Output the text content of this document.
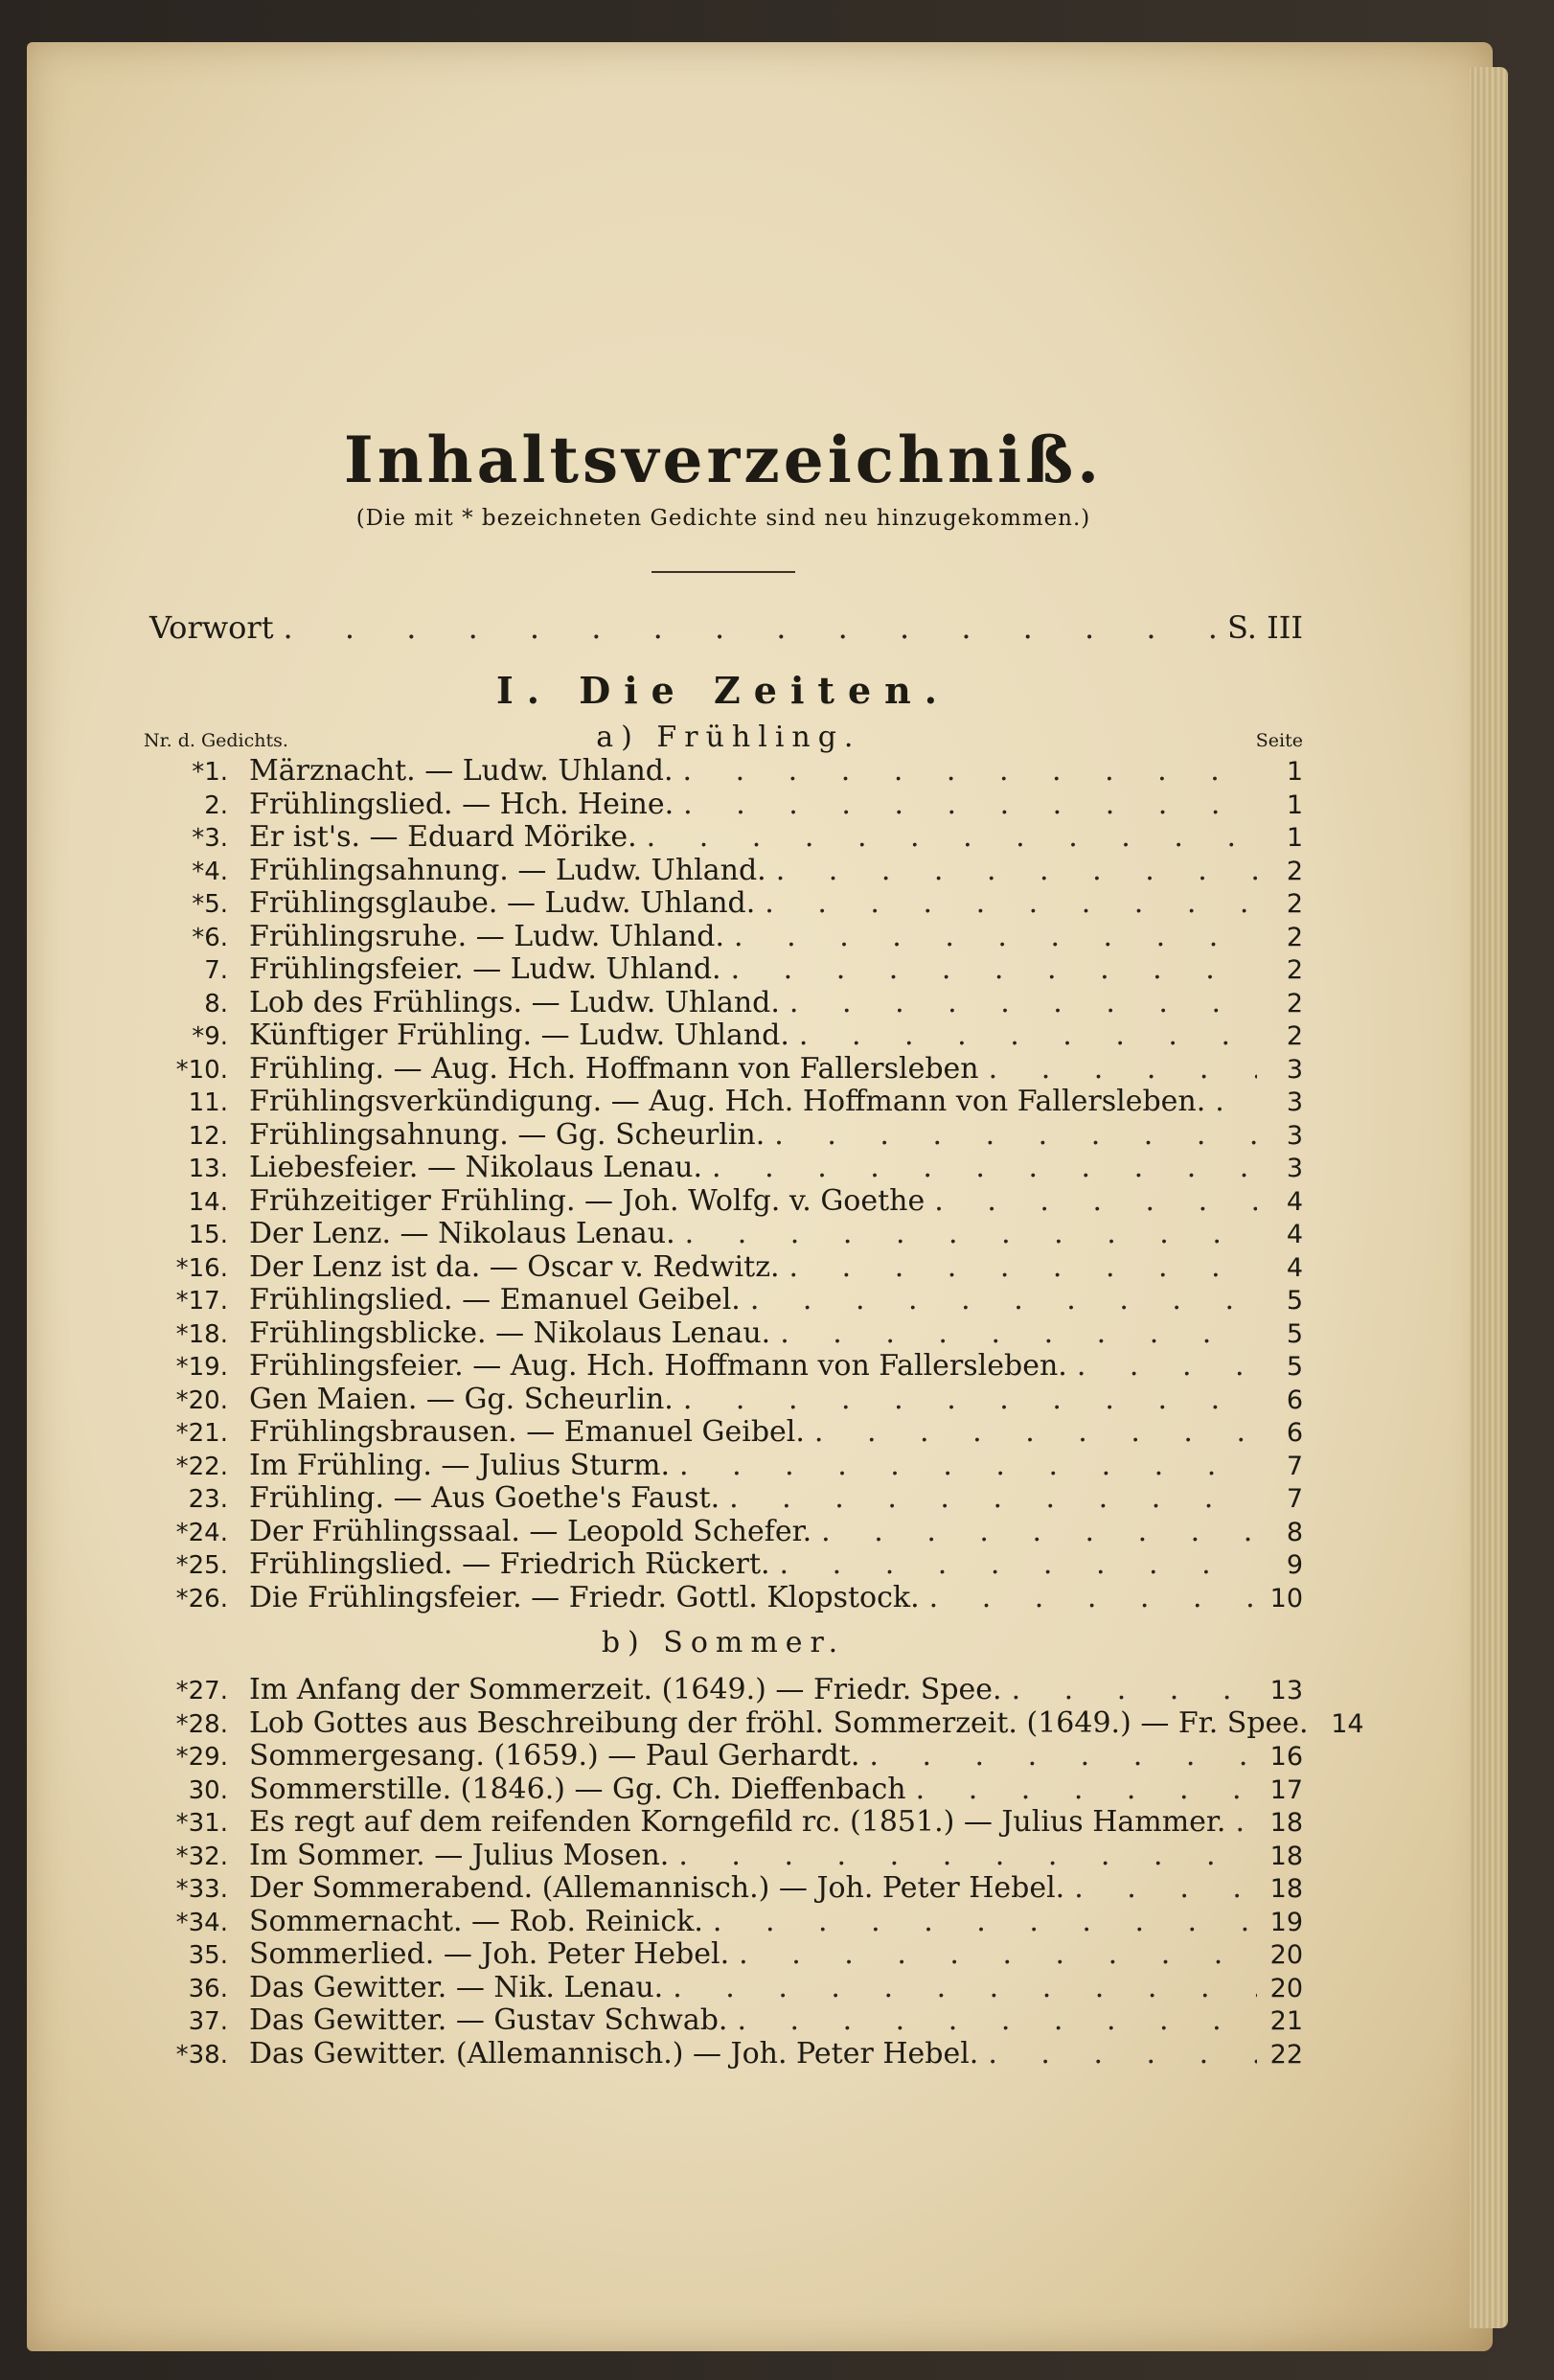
Inhaltsverzeichniß.
(Die mit * bezeichneten Gedichte sind neu hinzugekommen.)
Vorwort . . .	S. III
I. Die Zeiten.
Nr. d. Gedichts.	a) Frühling.	Seite
*1. Märznacht. — Ludw. Uhland. . . .	1
2. Frühlingslied. — Hch. Heine. . . .	1
*3. Er ist's. — Eduard Mörike. . . .	1
*4. Frühlingsahnung. — Ludw. Uhland. . . .	2
*5. Frühlingsglaube. — Ludw. Uhland. . . .	2
*6. Frühlingsruhe. — Ludw. Uhland. . . .	2
7. Frühlingsfeier. — Ludw. Uhland. . . .	2
8. Lob des Frühlings. — Ludw. Uhland. . . .	2
*9. Künftiger Frühling. — Ludw. Uhland. . . .	2
*10. Frühling. — Aug. Hch. Hoffmann von Fallersleben . . .	3
11. Frühlingsverkündigung. — Aug. Hch. Hoffmann von Fallersleben. . . .	3
12. Frühlingsahnung. — Gg. Scheurlin. . . .	3
13. Liebesfeier. — Nikolaus Lenau. . . .	3
14. Frühzeitiger Frühling. — Joh. Wolfg. v. Goethe . . .	4
15. Der Lenz. — Nikolaus Lenau. . . .	4
*16. Der Lenz ist da. — Oscar v. Redwitz. . . .	4
*17. Frühlingslied. — Emanuel Geibel. . . .	5
*18. Frühlingsblicke. — Nikolaus Lenau. . . .	5
*19. Frühlingsfeier. — Aug. Hch. Hoffmann von Fallersleben. . . .	5
*20. Gen Maien. — Gg. Scheurlin. . . .	6
*21. Frühlingsbrausen. — Emanuel Geibel. . . .	6
*22. Im Frühling. — Julius Sturm. . . .	7
23. Frühling. — Aus Goethe's Faust. . . .	7
*24. Der Frühlingssaal. — Leopold Schefer. . . .	8
*25. Frühlingslied. — Friedrich Rückert. . . .	9
*26. Die Frühlingsfeier. — Friedr. Gottl. Klopstock. . . .	10
b) Sommer.
*27. Im Anfang der Sommerzeit. (1649.) — Friedr. Spee. . . .	13
*28. Lob Gottes aus Beschreibung der fröhl. Sommerzeit. (1649.) — Fr. Spee. 14
*29. Sommergesang. (1659.) — Paul Gerhardt. . . .	16
30. Sommerstille. (1846.) — Gg. Ch. Dieffenbach . . .	17
*31. Es regt auf dem reifenden Korngefild rc. (1851.) — Julius Hammer. . . . 18
*32. Im Sommer. — Julius Mosen. . . .	18
*33. Der Sommerabend. (Allemannisch.) — Joh. Peter Hebel. . . .	18
*34. Sommernacht. — Rob. Reinick. . . .	19
35. Sommerlied. — Joh. Peter Hebel. . . .	20
36. Das Gewitter. — Nik. Lenau. . . .	20
37. Das Gewitter. — Gustav Schwab. . . .	21
*38. Das Gewitter. (Allemannisch.) — Joh. Peter Hebel. . . .	22
